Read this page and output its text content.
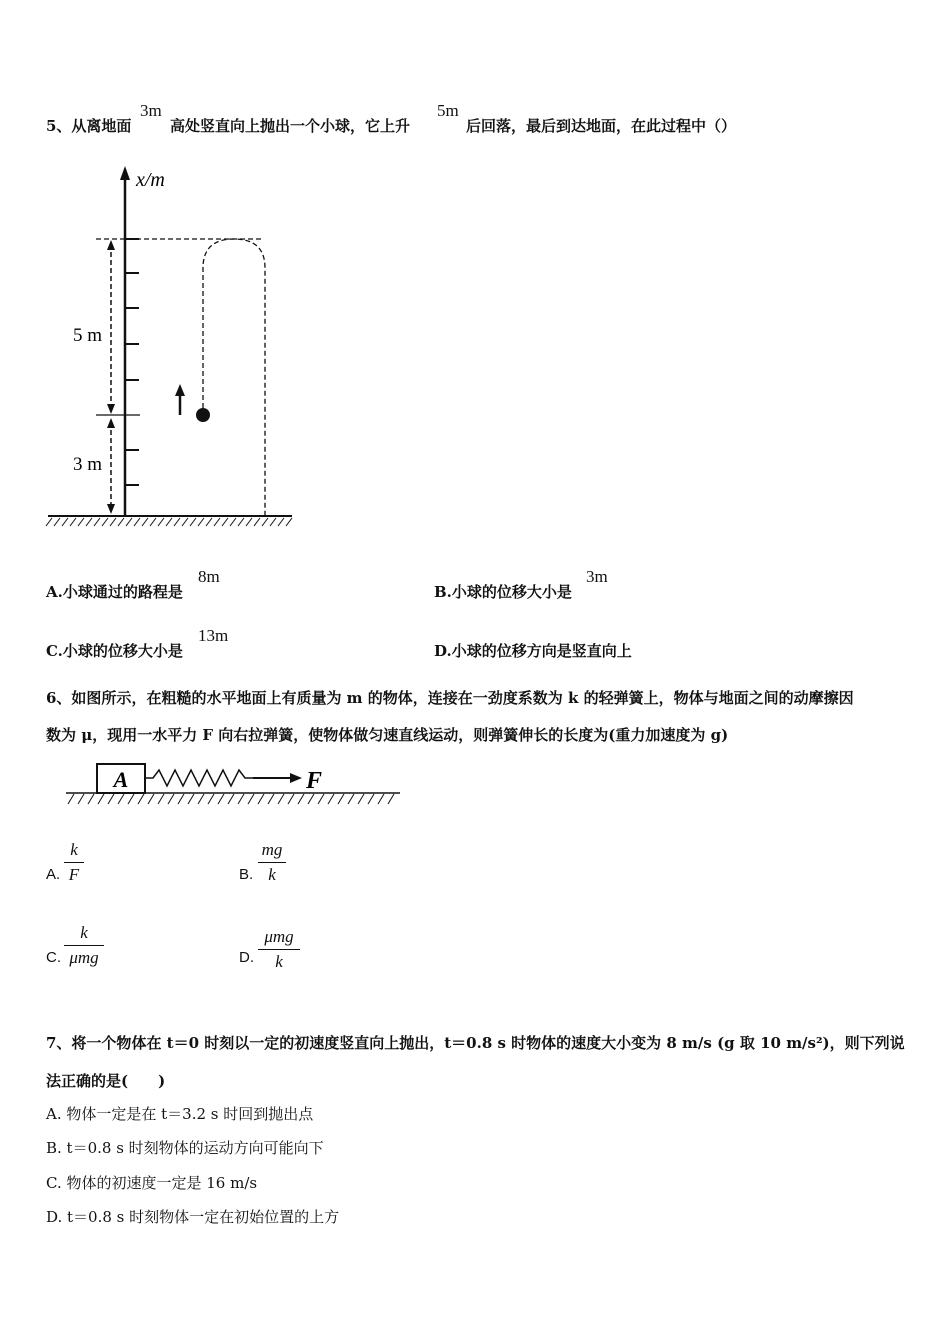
5、从离地面
3m
高处竖直向上抛出一个小球，它上升
5m
后回落，最后到达地面，在此过程中（）
x/m
5 m
3 m
A.小球通过的路程是
8m
B.小球的位移大小是
3m
C.小球的位移大小是
13m
D.小球的位移方向是竖直向上
6、如图所示，在粗糙的水平地面上有质量为 m 的物体，连接在一劲度系数为 k 的轻弹簧上，物体与地面之间的动摩擦因
数为 μ，现用一水平力 F 向右拉弹簧，使物体做匀速直线运动，则弹簧伸长的长度为(重力加速度为 g)
A	F
A.
k
F	B.
mg
k
C.
k
μmg	D.
μmg
k
7、将一个物体在 t＝0 时刻以一定的初速度竖直向上抛出，t＝0.8 s 时物体的速度大小变为 8 m/s (g 取 10 m/s²)，则下列说
法正确的是(　　)
A. 物体一定是在 t＝3.2 s 时回到抛出点
B. t＝0.8 s 时刻物体的运动方向可能向下
C. 物体的初速度一定是 16 m/s
D. t＝0.8 s 时刻物体一定在初始位置的上方
